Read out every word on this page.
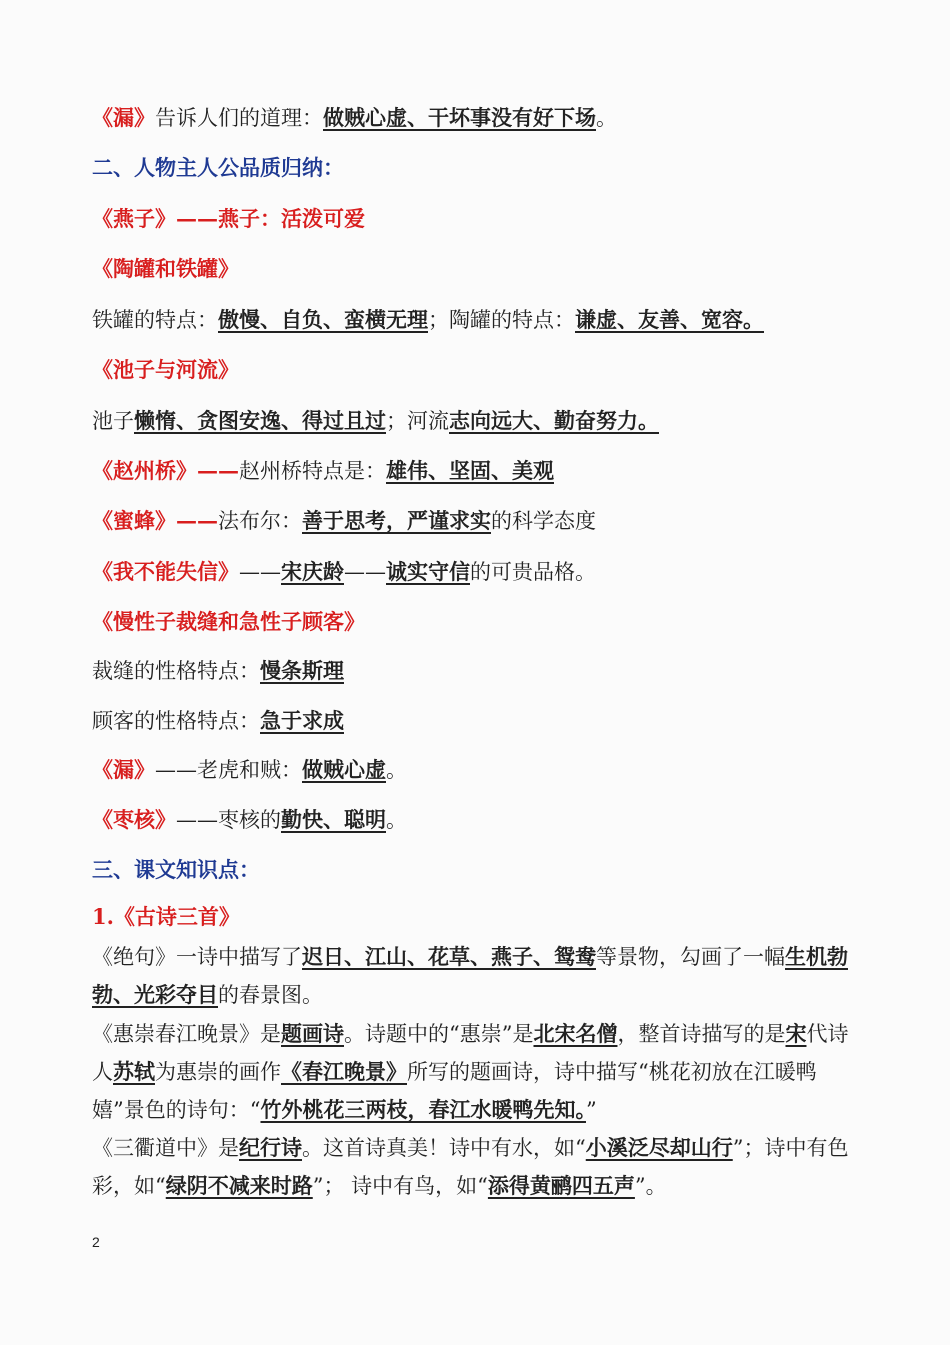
《漏》告诉人们的道理：做贼心虚、干坏事没有好下场。
二、人物主人公品质归纳：
《燕子》——燕子：活泼可爱
《陶罐和铁罐》
铁罐的特点：傲慢、自负、蛮横无理；陶罐的特点：谦虚、友善、宽容。
《池子与河流》
池子懒惰、贪图安逸、得过且过；河流志向远大、勤奋努力。
《赵州桥》——赵州桥特点是：雄伟、坚固、美观
《蜜蜂》——法布尔：善于思考，严谨求实的科学态度
《我不能失信》——宋庆龄——诚实守信的可贵品格。
《慢性子裁缝和急性子顾客》
裁缝的性格特点：慢条斯理
顾客的性格特点：急于求成
《漏》——老虎和贼：做贼心虚。
《枣核》——枣核的勤快、聪明。
三、课文知识点：
1.《古诗三首》
《绝句》一诗中描写了迟日、江山、花草、燕子、鸳鸯等景物，勾画了一幅生机勃勃、光彩夺目的春景图。
《惠崇春江晚景》是题画诗。诗题中的“惠崇”是北宋名僧，整首诗描写的是宋代诗人苏轼为惠崇的画作《春江晚景》所写的题画诗，诗中描写“桃花初放在江暖鸭嬉”景色的诗句：“竹外桃花三两枝，春江水暖鸭先知。”
《三衢道中》是纪行诗。这首诗真美！诗中有水，如“小溪泛尽却山行”；诗中有色彩，如“绿阴不减来时路”； 诗中有鸟，如“添得黄鹂四五声”。
2
